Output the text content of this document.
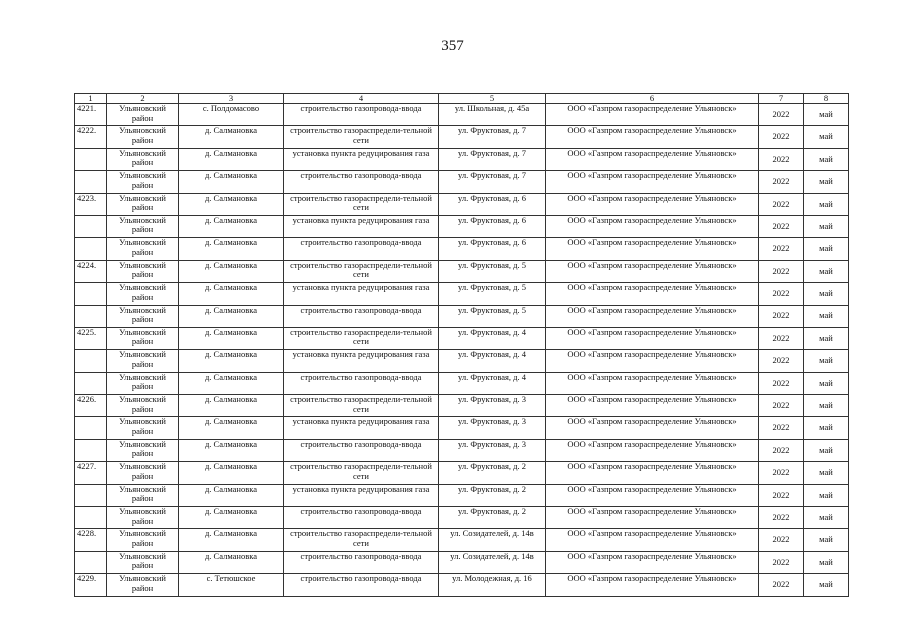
357
1	2	3	4	5	6	7	8
4221.	Ульяновский район	с. Полдомасово	строительство газопровода-ввода	ул. Школьная, д. 45а	ООО «Газпром газораспределение Ульяновск»	2022	май
4222.	Ульяновский район	д. Салмановка	строительство газораспредели-тельной сети	ул. Фруктовая, д. 7	ООО «Газпром газораспределение Ульяновск»	2022	май
	Ульяновский район	д. Салмановка	установка пункта редуцирования газа	ул. Фруктовая, д. 7	ООО «Газпром газораспределение Ульяновск»	2022	май
	Ульяновский район	д. Салмановка	строительство газопровода-ввода	ул. Фруктовая, д. 7	ООО «Газпром газораспределение Ульяновск»	2022	май
4223.	Ульяновский район	д. Салмановка	строительство газораспредели-тельной сети	ул. Фруктовая, д. 6	ООО «Газпром газораспределение Ульяновск»	2022	май
	Ульяновский район	д. Салмановка	установка пункта редуцирования газа	ул. Фруктовая, д. 6	ООО «Газпром газораспределение Ульяновск»	2022	май
	Ульяновский район	д. Салмановка	строительство газопровода-ввода	ул. Фруктовая, д. 6	ООО «Газпром газораспределение Ульяновск»	2022	май
4224.	Ульяновский район	д. Салмановка	строительство газораспредели-тельной сети	ул. Фруктовая, д. 5	ООО «Газпром газораспределение Ульяновск»	2022	май
	Ульяновский район	д. Салмановка	установка пункта редуцирования газа	ул. Фруктовая, д. 5	ООО «Газпром газораспределение Ульяновск»	2022	май
	Ульяновский район	д. Салмановка	строительство газопровода-ввода	ул. Фруктовая, д. 5	ООО «Газпром газораспределение Ульяновск»	2022	май
4225.	Ульяновский район	д. Салмановка	строительство газораспредели-тельной сети	ул. Фруктовая, д. 4	ООО «Газпром газораспределение Ульяновск»	2022	май
	Ульяновский район	д. Салмановка	установка пункта редуцирования газа	ул. Фруктовая, д. 4	ООО «Газпром газораспределение Ульяновск»	2022	май
	Ульяновский район	д. Салмановка	строительство газопровода-ввода	ул. Фруктовая, д. 4	ООО «Газпром газораспределение Ульяновск»	2022	май
4226.	Ульяновский район	д. Салмановка	строительство газораспредели-тельной сети	ул. Фруктовая, д. 3	ООО «Газпром газораспределение Ульяновск»	2022	май
	Ульяновский район	д. Салмановка	установка пункта редуцирования газа	ул. Фруктовая, д. 3	ООО «Газпром газораспределение Ульяновск»	2022	май
	Ульяновский район	д. Салмановка	строительство газопровода-ввода	ул. Фруктовая, д. 3	ООО «Газпром газораспределение Ульяновск»	2022	май
4227.	Ульяновский район	д. Салмановка	строительство газораспредели-тельной сети	ул. Фруктовая, д. 2	ООО «Газпром газораспределение Ульяновск»	2022	май
	Ульяновский район	д. Салмановка	установка пункта редуцирования газа	ул. Фруктовая, д. 2	ООО «Газпром газораспределение Ульяновск»	2022	май
	Ульяновский район	д. Салмановка	строительство газопровода-ввода	ул. Фруктовая, д. 2	ООО «Газпром газораспределение Ульяновск»	2022	май
4228.	Ульяновский район	д. Салмановка	строительство газораспредели-тельной сети	ул. Созидателей, д. 14в	ООО «Газпром газораспределение Ульяновск»	2022	май
	Ульяновский район	д. Салмановка	строительство газопровода-ввода	ул. Созидателей, д. 14в	ООО «Газпром газораспределение Ульяновск»	2022	май
4229.	Ульяновский район	с. Тетюшское	строительство газопровода-ввода	ул. Молодежная, д. 16	ООО «Газпром газораспределение Ульяновск»	2022	май
